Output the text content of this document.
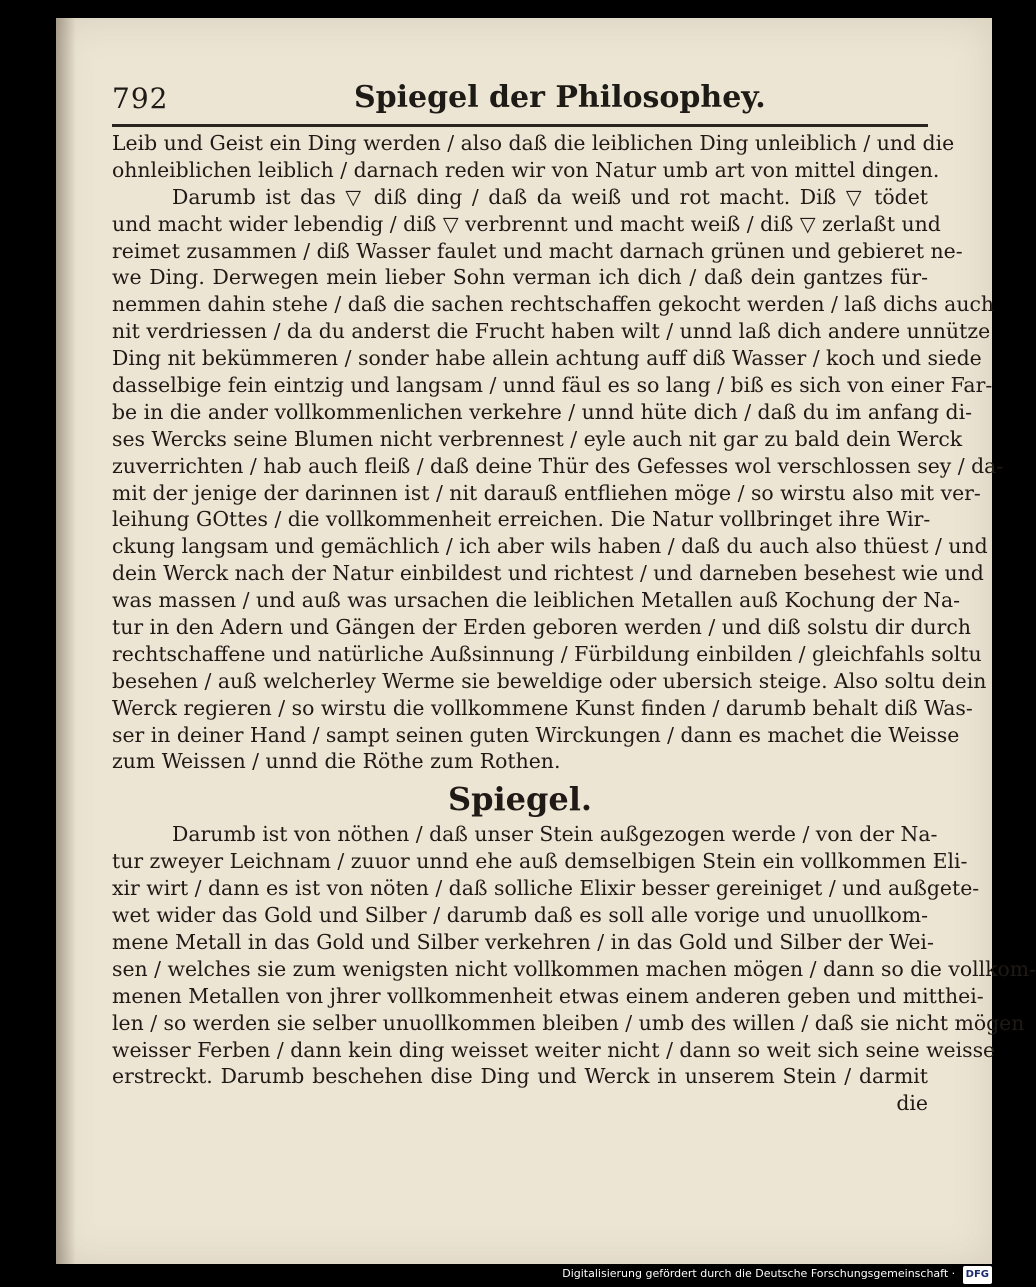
792	Spiegel der Philosophey.
Leib und Geist ein Ding werden / also daß die leiblichen Ding unleiblich / und die
ohnleiblichen leiblich / darnach reden wir von Natur umb art von mittel dingen.
Darumb ist das ▽ diß ding / daß da weiß und rot macht. Diß ▽ tödet
und macht wider lebendig / diß ▽ verbrennt und macht weiß / diß ▽ zerlaßt und
reimet zusammen / diß Wasser faulet und macht darnach grünen und gebieret ne-
we Ding. Derwegen mein lieber Sohn verman ich dich / daß dein gantzes für-
nemmen dahin stehe / daß die sachen rechtschaffen gekocht werden / laß dichs auch
nit verdriessen / da du anderst die Frucht haben wilt / unnd laß dich andere unnütze
Ding nit bekümmeren / sonder habe allein achtung auff diß Wasser / koch und siede
dasselbige fein eintzig und langsam / unnd fäul es so lang / biß es sich von einer Far-
be in die ander vollkommenlichen verkehre / unnd hüte dich / daß du im anfang di-
ses Wercks seine Blumen nicht verbrennest / eyle auch nit gar zu bald dein Werck
zuverrichten / hab auch fleiß / daß deine Thür des Gefesses wol verschlossen sey / da-
mit der jenige der darinnen ist / nit darauß entfliehen möge / so wirstu also mit ver-
leihung GOttes / die vollkommenheit erreichen. Die Natur vollbringet ihre Wir-
ckung langsam und gemächlich / ich aber wils haben / daß du auch also thüest / und
dein Werck nach der Natur einbildest und richtest / und darneben besehest wie und
was massen / und auß was ursachen die leiblichen Metallen auß Kochung der Na-
tur in den Adern und Gängen der Erden geboren werden / und diß solstu dir durch
rechtschaffene und natürliche Außsinnung / Fürbildung einbilden / gleichfahls soltu
besehen / auß welcherley Werme sie beweldige oder ubersich steige. Also soltu dein
Werck regieren / so wirstu die vollkommene Kunst finden / darumb behalt diß Was-
ser in deiner Hand / sampt seinen guten Wirckungen / dann es machet die Weisse
zum Weissen / unnd die Röthe zum Rothen.
Spiegel.
Darumb ist von nöthen / daß unser Stein außgezogen werde / von der Na-
tur zweyer Leichnam / zuuor unnd ehe auß demselbigen Stein ein vollkommen Eli-
xir wirt / dann es ist von nöten / daß solliche Elixir besser gereiniget / und außgete-
wet wider das Gold und Silber / darumb daß es soll alle vorige und unuollkom-
mene Metall in das Gold und Silber verkehren / in das Gold und Silber der Wei-
sen / welches sie zum wenigsten nicht vollkommen machen mögen / dann so die vollkom-
menen Metallen von jhrer vollkommenheit etwas einem anderen geben und mitthei-
len / so werden sie selber unuollkommen bleiben / umb des willen / daß sie nicht mögen
weisser Ferben / dann kein ding weisset weiter nicht / dann so weit sich seine weisse
erstreckt. Darumb beschehen dise Ding und Werck in unserem Stein / darmit
die
Digitalisierung gefördert durch die Deutsche Forschungsgemeinschaft · DFG
